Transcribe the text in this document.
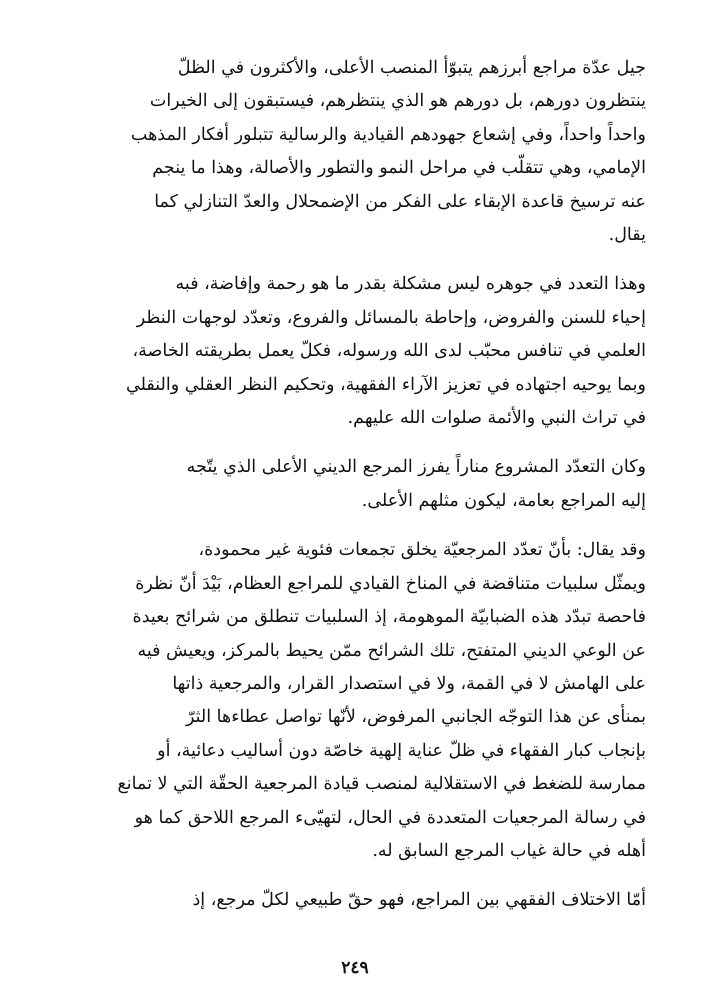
جيل عدّة مراجع أبرزهم يتبوّأ المنصب الأعلى، والأكثرون في الظلّ
ينتظرون دورهم، بل دورهم هو الذي ينتظرهم، فيستبقون إلى الخيرات
واحداً واحداً، وفي إشعاع جهودهم القيادية والرسالية تتبلور أفكار المذهب
الإمامي، وهي تتقلّب في مراحل النمو والتطور والأصالة، وهذا ما ينجم
عنه ترسيخ قاعدة الإبقاء على الفكر من الإضمحلال والعدّ التنازلي كما
يقال.

وهذا التعدد في جوهره ليس مشكلة بقدر ما هو رحمة وإفاضة، فبه
إحياء للسنن والفروض، وإحاطة بالمسائل والفروع، وتعدّد لوجهات النظر
العلمي في تنافس محبّب لدى الله ورسوله، فكلّ يعمل بطريقته الخاصة،
وبما يوحيه اجتهاده في تعزيز الآراء الفقهية، وتحكيم النظر العقلي والنقلي
في تراث النبي والأئمة صلوات الله عليهم.

وكان التعدّد المشروع مناراً يفرز المرجع الديني الأعلى الذي يتّجه
إليه المراجع بعامة، ليكون مثلهم الأعلى.

وقد يقال: بأنّ تعدّد المرجعيّة يخلق تجمعات فئوية غير محمودة،
ويمثّل سلبيات متناقضة في المناخ القيادي للمراجع العظام، بَيْدَ أنّ نظرة
فاحصة تبدّد هذه الضبابيّة الموهومة، إذ السلبيات تنطلق من شرائح بعيدة
عن الوعي الديني المتفتح، تلك الشرائح ممّن يحيط بالمركز، ويعيش فيه
على الهامش لا في القمة، ولا في استصدار القرار، والمرجعية ذاتها
بمنأى عن هذا التوجّه الجانبي المرفوض، لأنّها تواصل عطاءها الثرّ
بإنجاب كبار الفقهاء في ظلّ عناية إلهية خاصّة دون أساليب دعائية، أو
ممارسة للضغط في الاستقلالية لمنصب قيادة المرجعية الحقّة التي لا تمانع
في رسالة المرجعيات المتعددة في الحال، لتهيّىء المرجع اللاحق كما هو
أهله في حالة غياب المرجع السابق له.

أمّا الاختلاف الفقهي بين المراجع، فهو حقّ طبيعي لكلّ مرجع، إذ

٢٤٩
